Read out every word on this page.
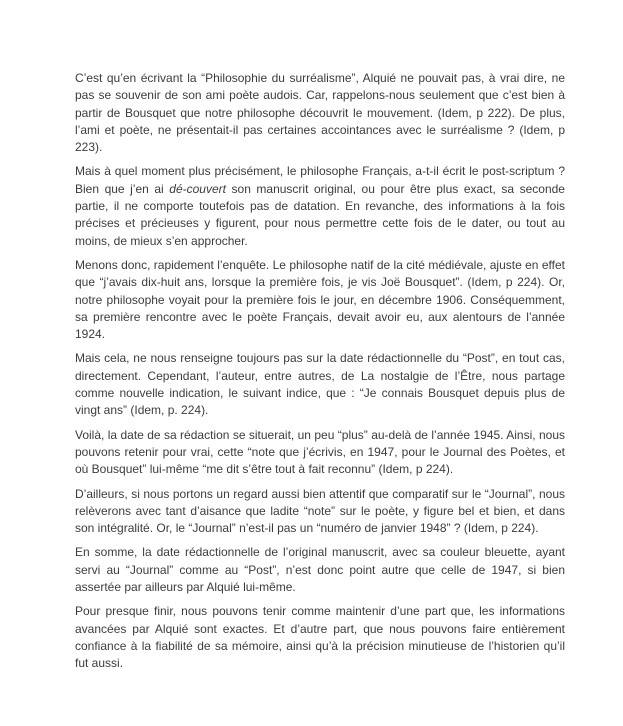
C’est qu’en écrivant la “Philosophie du surréalisme”, Alquié ne pouvait pas, à vrai dire, ne pas se souvenir de son ami poète audois. Car, rappelons-nous seulement que c’est bien à partir de Bousquet que notre philosophe découvrit le mouvement. (Idem, p 222). De plus, l’ami et poète, ne présentait-il pas certaines accointances avec le surréalisme ? (Idem, p 223).

Mais à quel moment plus précisément, le philosophe Français, a-t-il écrit le post-scriptum ? Bien que j’en ai dé-couvert son manuscrit original, ou pour être plus exact, sa seconde partie, il ne comporte toutefois pas de datation. En revanche, des informations à la fois précises et précieuses y figurent, pour nous permettre cette fois de le dater, ou tout au moins, de mieux s’en approcher.

Menons donc, rapidement l’enquête. Le philosophe natif de la cité médiévale, ajuste en effet que “j’avais dix-huit ans, lorsque la première fois, je vis Joë Bousquet”. (Idem, p 224). Or, notre philosophe voyait pour la première fois le jour, en décembre 1906. Conséquemment, sa première rencontre avec le poète Français, devait avoir eu, aux alentours de l’année 1924.

Mais cela, ne nous renseigne toujours pas sur la date rédactionnelle du “Post”, en tout cas, directement. Cependant, l’auteur, entre autres, de La nostalgie de l’Être, nous partage comme nouvelle indication, le suivant indice, que : “Je connais Bousquet depuis plus de vingt ans” (Idem, p. 224).

Voilà, la date de sa rédaction se situerait, un peu “plus” au-delà de l’année 1945. Ainsi, nous pouvons retenir pour vrai, cette “note que j’écrivis, en 1947, pour le Journal des Poètes, et où Bousquet” lui-même “me dit s’être tout à fait reconnu” (Idem, p 224).

D’ailleurs, si nous portons un regard aussi bien attentif que comparatif sur le “Journal”, nous relèverons avec tant d’aisance que ladite “note” sur le poète, y figure bel et bien, et dans son intégralité. Or, le “Journal” n’est-il pas un “numéro de janvier 1948” ? (Idem, p 224).

En somme, la date rédactionnelle de l’original manuscrit, avec sa couleur bleuette, ayant servi au “Journal” comme au “Post”, n’est donc point autre que celle de 1947, si bien assertée par ailleurs par Alquié lui-même.

Pour presque finir, nous pouvons tenir comme maintenir d’une part que, les informations avancées par Alquié sont exactes. Et d’autre part, que nous pouvons faire entièrement confiance à la fiabilité de sa mémoire, ainsi qu’à la précision minutieuse de l’historien qu’il fut aussi.
